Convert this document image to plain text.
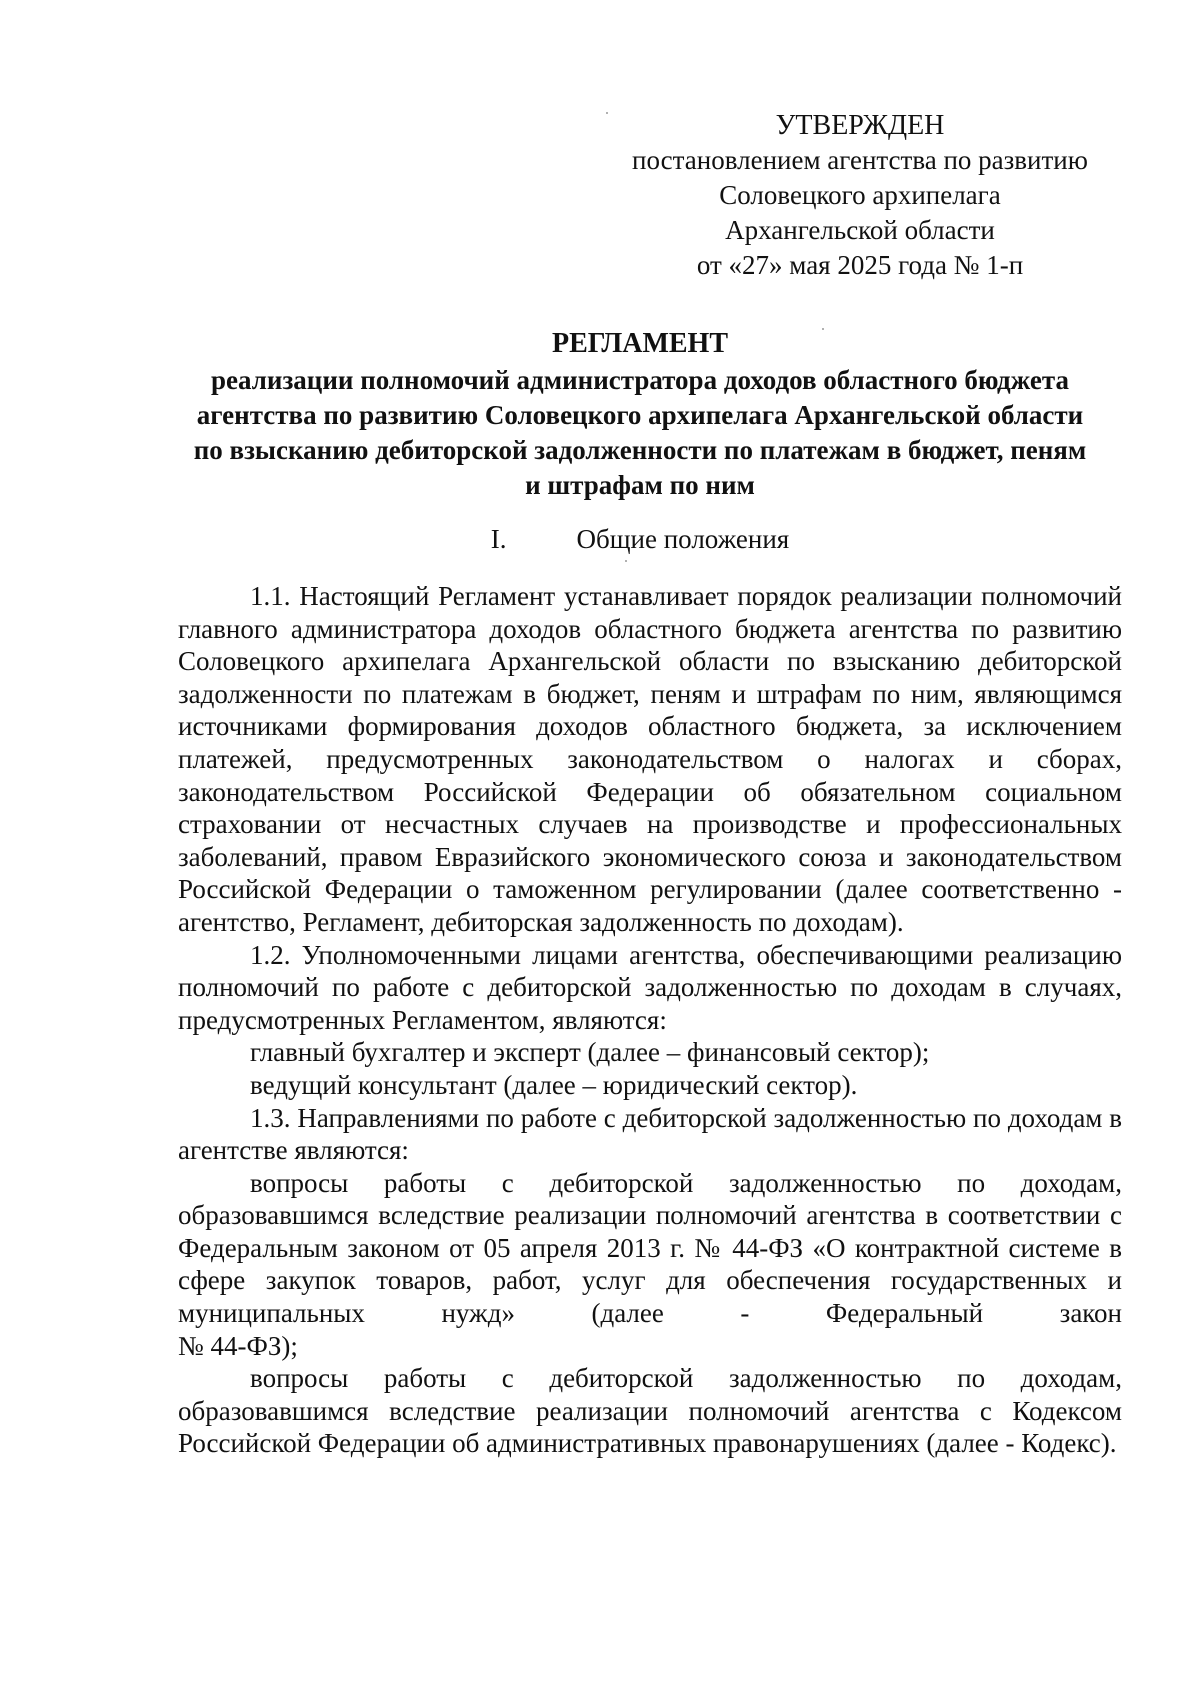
УТВЕРЖДЕН
постановлением агентства по развитию
Соловецкого архипелага
Архангельской области
от «27» мая 2025 года № 1-п
РЕГЛАМЕНТ
реализации полномочий администратора доходов областного бюджета
агентства по развитию Соловецкого архипелага Архангельской области
по взысканию дебиторской задолженности по платежам в бюджет, пеням
и штрафам по ним
I.	Общие положения
1.1. Настоящий Регламент устанавливает порядок реализации полномочий главного администратора доходов областного бюджета агентства по развитию Соловецкого архипелага Архангельской области по взысканию дебиторской задолженности по платежам в бюджет, пеням и штрафам по ним, являющимся источниками формирования доходов областного бюджета, за исключением платежей, предусмотренных законодательством о налогах и сборах, законодательством Российской Федерации об обязательном социальном страховании от несчастных случаев на производстве и профессиональных заболеваний, правом Евразийского экономического союза и законодательством Российской Федерации о таможенном регулировании (далее соответственно - агентство, Регламент, дебиторская задолженность по доходам).
1.2. Уполномоченными лицами агентства, обеспечивающими реализацию полномочий по работе с дебиторской задолженностью по доходам в случаях, предусмотренных Регламентом, являются:
главный бухгалтер и эксперт (далее – финансовый сектор);
ведущий консультант (далее – юридический сектор).
1.3. Направлениями по работе с дебиторской задолженностью по доходам в агентстве являются:
вопросы работы с дебиторской задолженностью по доходам, образовавшимся вследствие реализации полномочий агентства в соответствии с Федеральным законом от 05 апреля 2013 г. № 44-ФЗ «О контрактной системе в сфере закупок товаров, работ, услуг для обеспечения государственных и муниципальных нужд» (далее - Федеральный закон
№ 44-ФЗ);
вопросы работы с дебиторской задолженностью по доходам, образовавшимся вследствие реализации полномочий агентства с Кодексом Российской Федерации об административных правонарушениях (далее - Кодекс).
